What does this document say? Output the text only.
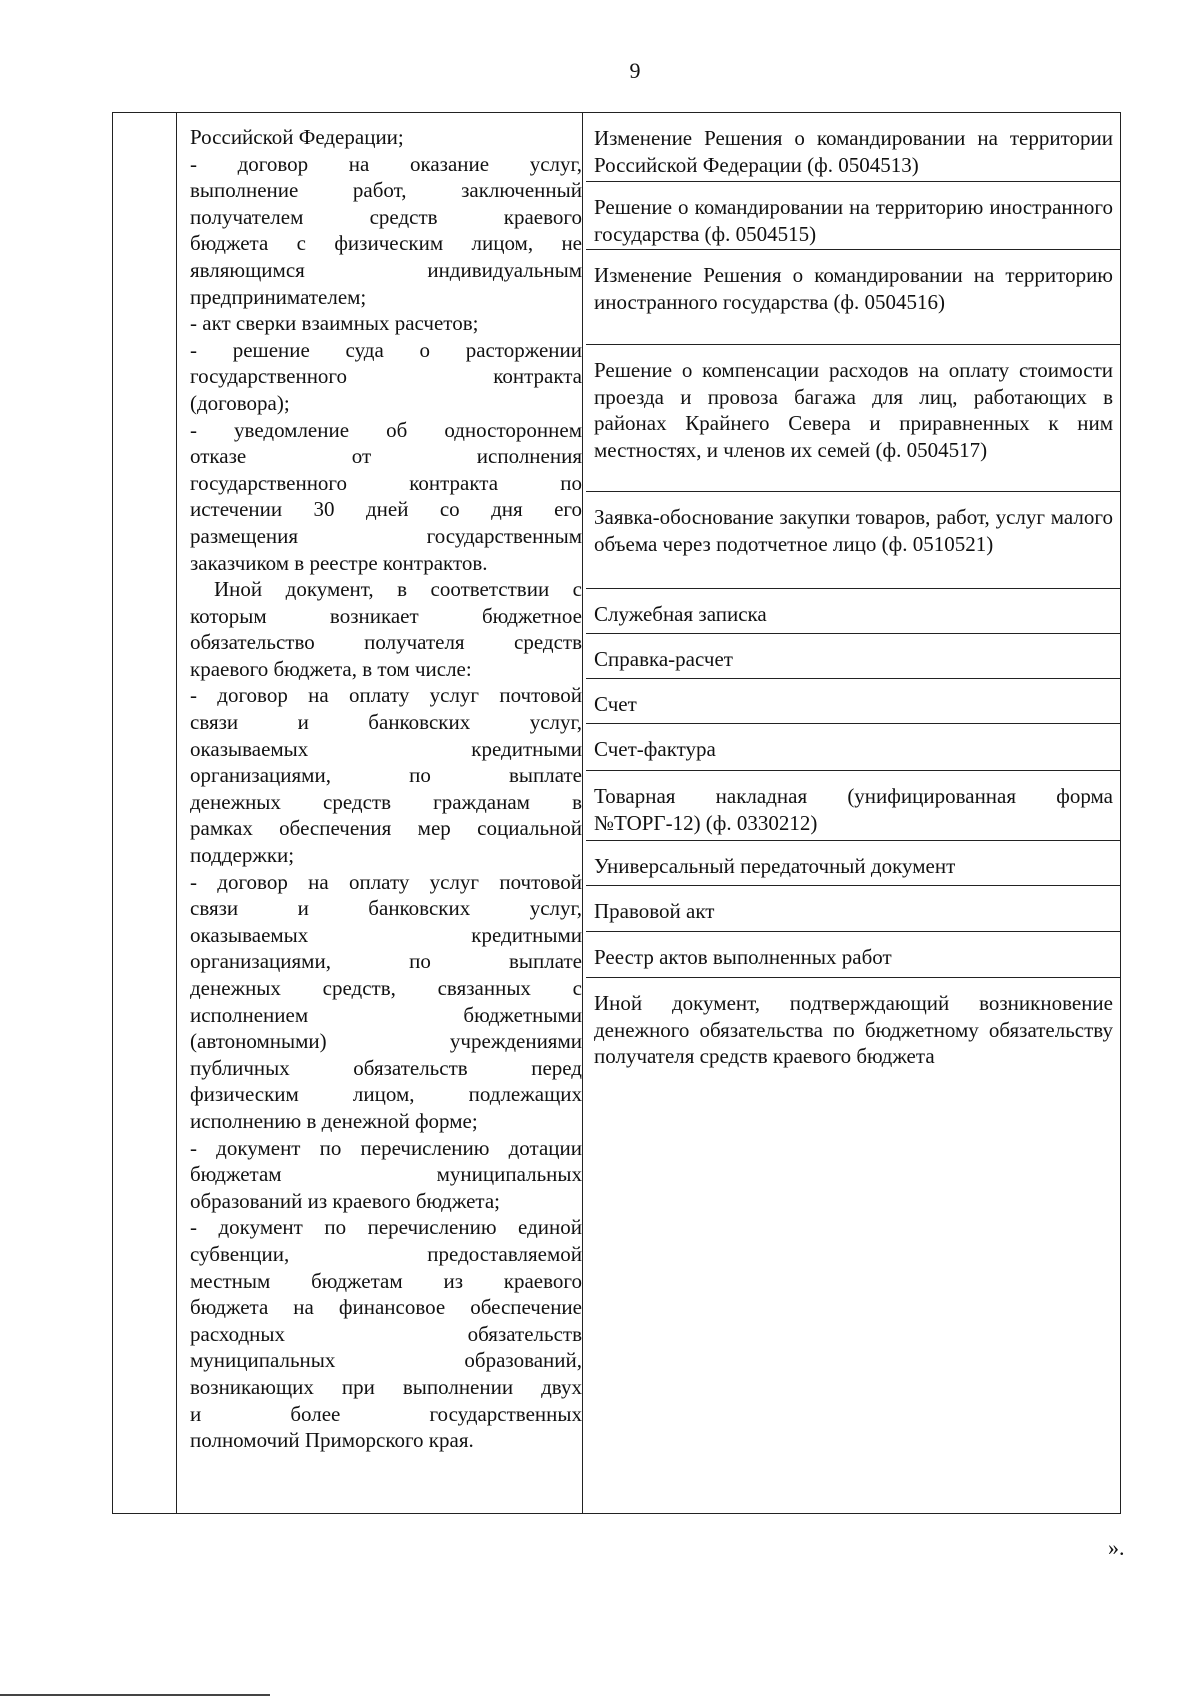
9
Российской Федерации;
- договор на оказание услуг,
выполнение работ, заключенный
получателем средств краевого
бюджета с физическим лицом, не
являющимся индивидуальным
предпринимателем;
- акт сверки взаимных расчетов;
- решение суда о расторжении
государственного контракта
(договора);
- уведомление об одностороннем
отказе от исполнения
государственного контракта по
истечении 30 дней со дня его
размещения государственным
заказчиком в реестре контрактов.
Иной документ, в соответствии с
которым возникает бюджетное
обязательство получателя средств
краевого бюджета, в том числе:
- договор на оплату услуг почтовой
связи и банковских услуг,
оказываемых кредитными
организациями, по выплате
денежных средств гражданам в
рамках обеспечения мер социальной
поддержки;
- договор на оплату услуг почтовой
связи и банковских услуг,
оказываемых кредитными
организациями, по выплате
денежных средств, связанных с
исполнением бюджетными
(автономными) учреждениями
публичных обязательств перед
физическим лицом, подлежащих
исполнению в денежной форме;
- документ по перечислению дотации
бюджетам муниципальных
образований из краевого бюджета;
- документ по перечислению единой
субвенции, предоставляемой
местным бюджетам из краевого
бюджета на финансовое обеспечение
расходных обязательств
муниципальных образований,
возникающих при выполнении двух
и более государственных
полномочий Приморского края.
Изменение Решения о командировании на территории Российской Федерации (ф. 0504513)
Решение о командировании на территорию иностранного государства (ф. 0504515)
Изменение Решения о командировании на территорию иностранного государства (ф. 0504516)
Решение о компенсации расходов на оплату стоимости проезда и провоза багажа для лиц, работающих в районах Крайнего Севера и приравненных к ним местностях, и членов их семей (ф. 0504517)
Заявка-обоснование закупки товаров, работ, услуг малого объема через подотчетное лицо (ф. 0510521)
Служебная записка
Справка-расчет
Счет
Счет-фактура
Товарная накладная (унифицированная форма №ТОРГ-12) (ф. 0330212)
Универсальный передаточный документ
Правовой акт
Реестр актов выполненных работ
Иной документ, подтверждающий возникновение денежного обязательства по бюджетному обязательству получателя средств краевого бюджета
».
